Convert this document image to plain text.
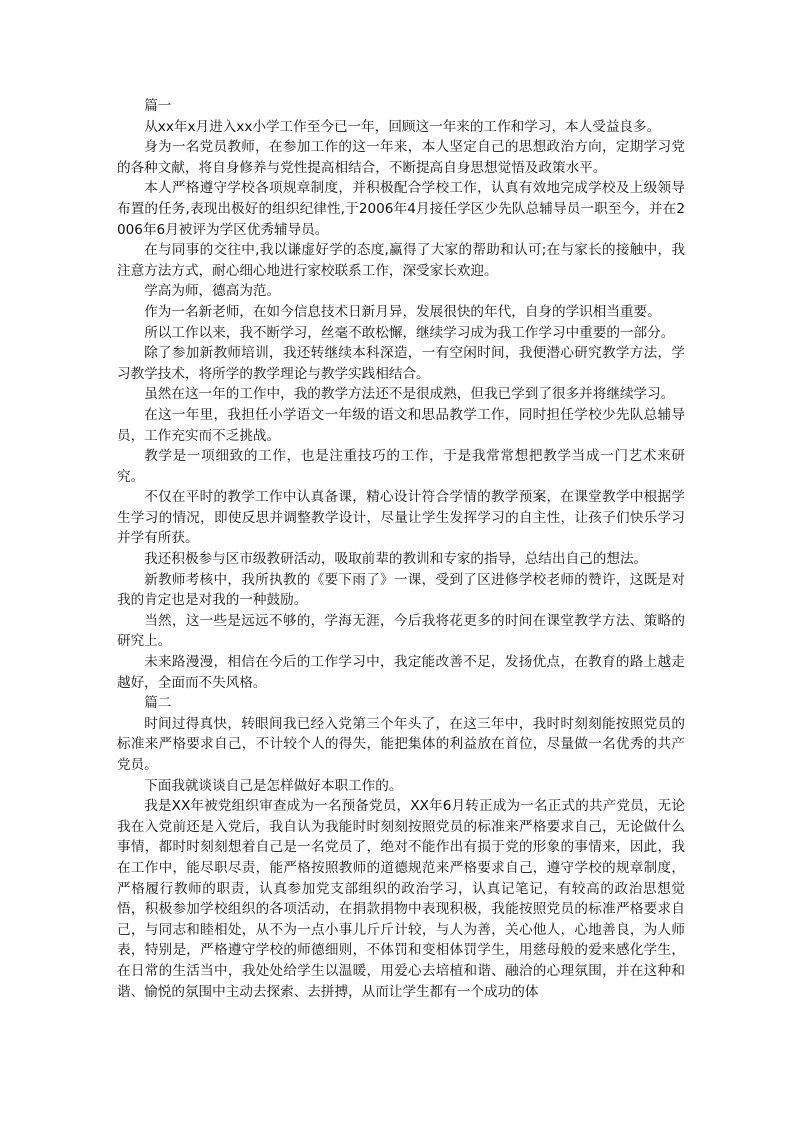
篇一

从xx年x月进入xx小学工作至今已一年，回顾这一年来的工作和学习，本人受益良多。

身为一名党员教师，在参加工作的这一年来，本人坚定自己的思想政治方向，定期学习党的各种文献，将自身修养与党性提高相结合，不断提高自身思想觉悟及政策水平。

本人严格遵守学校各项规章制度，并积极配合学校工作，认真有效地完成学校及上级领导布置的任务,表现出极好的组织纪律性,于2006年4月接任学区少先队总辅导员一职至今，并在2006年6月被评为学区优秀辅导员。

在与同事的交往中,我以谦虚好学的态度,赢得了大家的帮助和认可;在与家长的接触中，我注意方法方式，耐心细心地进行家校联系工作，深受家长欢迎。

学高为师，德高为范。

作为一名新老师，在如今信息技术日新月异，发展很快的年代，自身的学识相当重要。

所以工作以来，我不断学习，丝毫不敢松懈，继续学习成为我工作学习中重要的一部分。

除了参加新教师培训，我还转继续本科深造，一有空闲时间，我便潜心研究教学方法，学习教学技术，将所学的教学理论与教学实践相结合。

虽然在这一年的工作中，我的教学方法还不是很成熟，但我已学到了很多并将继续学习。

在这一年里，我担任小学语文一年级的语文和思品教学工作，同时担任学校少先队总辅导员，工作充实而不乏挑战。

教学是一项细致的工作，也是注重技巧的工作，于是我常常想把教学当成一门艺术来研究。

不仅在平时的教学工作中认真备课，精心设计符合学情的教学预案，在课堂教学中根据学生学习的情况，即使反思并调整教学设计，尽量让学生发挥学习的自主性，让孩子们快乐学习并学有所获。

我还积极参与区市级教研活动，吸取前辈的教训和专家的指导，总结出自己的想法。

新教师考核中，我所执教的《要下雨了》一课，受到了区进修学校老师的赞许，这既是对我的肯定也是对我的一种鼓励。

当然，这一些是远远不够的，学海无涯，今后我将花更多的时间在课堂教学方法、策略的研究上。

未来路漫漫，相信在今后的工作学习中，我定能改善不足，发扬优点，在教育的路上越走越好，全面而不失风格。

篇二

时间过得真快，转眼间我已经入党第三个年头了，在这三年中，我时时刻刻能按照党员的标准来严格要求自己，不计较个人的得失，能把集体的利益放在首位，尽量做一名优秀的共产党员。

下面我就谈谈自己是怎样做好本职工作的。

我是XX年被党组织审查成为一名预备党员，XX年6月转正成为一名正式的共产党员，无论我在入党前还是入党后，我自认为我能时时刻刻按照党员的标准来严格要求自己，无论做什么事情，都时时刻刻想着自己是一名党员了，绝对不能作出有损于党的形象的事情来，因此，我在工作中，能尽职尽责，能严格按照教师的道德规范来严格要求自己，遵守学校的规章制度，严格履行教师的职责，认真参加党支部组织的政治学习，认真记笔记，有较高的政治思想觉悟，积极参加学校组织的各项活动，在捐款捐物中表现积极，我能按照党员的标准严格要求自己，与同志和睦相处，从不为一点小事儿斤斤计较，与人为善，关心他人，心地善良，为人师表，特别是，严格遵守学校的师德细则，不体罚和变相体罚学生，用慈母般的爱来感化学生，在日常的生活当中，我处处给学生以温暖，用爱心去培植和谐、融洽的心理氛围，并在这种和谐、愉悦的氛围中主动去探索、去拼搏，从而让学生都有一个成功的体
